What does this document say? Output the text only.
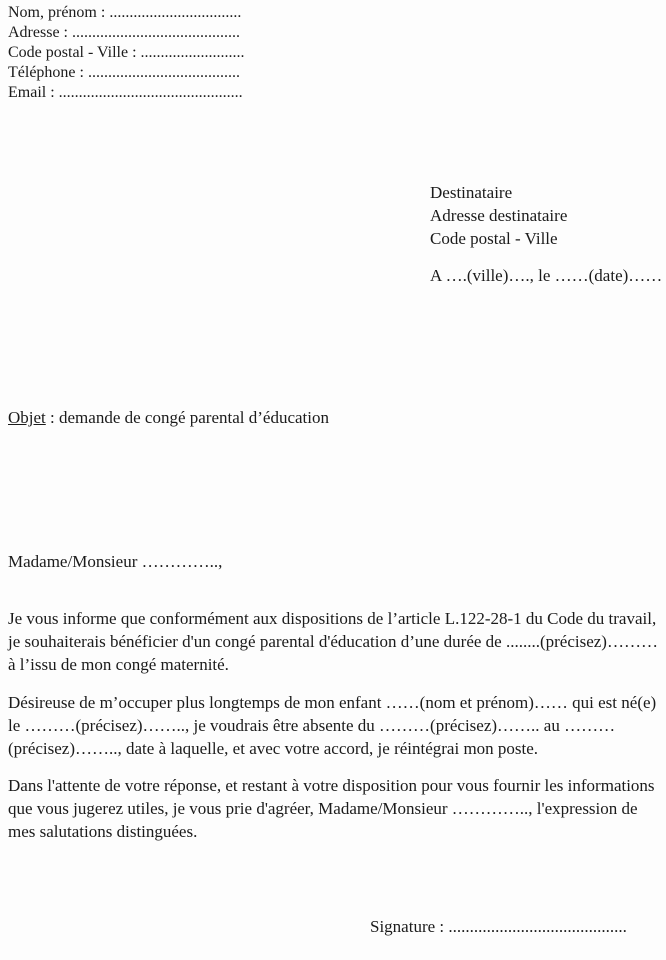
Nom, prénom : .................................
Adresse : ..........................................
Code postal - Ville : ..........................
Téléphone : ......................................
Email : ..............................................
Destinataire
Adresse destinataire
Code postal - Ville
A ….(ville)…., le ……(date)……
Objet : demande de congé parental d’éducation
Madame/Monsieur …………..,
Je vous informe que conformément aux dispositions de l’article L.122-28-1 du Code du travail, je souhaiterais bénéficier d'un congé parental d'éducation d’une durée de ........(précisez)……… à l’issu de mon congé maternité.
Désireuse de m’occuper plus longtemps de mon enfant ……(nom et prénom)…… qui est né(e) le ………(précisez)…….., je voudrais être absente du ………(précisez)…….. au ………(précisez)…….., date à laquelle, et avec votre accord, je réintégrai mon poste.
Dans l'attente de votre réponse, et restant à votre disposition pour vous fournir les informations que vous jugerez utiles, je vous prie d'agréer, Madame/Monsieur ………….., l'expression de mes salutations distinguées.
Signature : ..........................................
